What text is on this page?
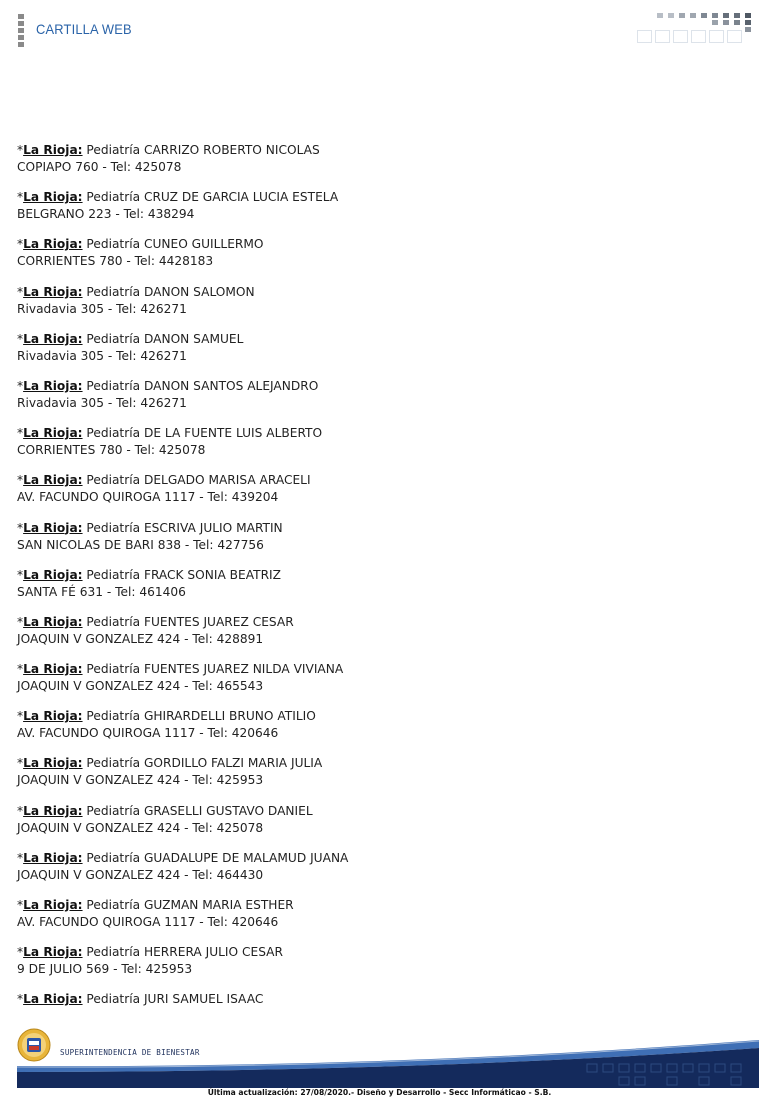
CARTILLA WEB
*La Rioja: Pediatría CARRIZO ROBERTO NICOLAS
COPIAPO 760 - Tel: 425078
*La Rioja: Pediatría CRUZ DE GARCIA LUCIA ESTELA
BELGRANO 223 - Tel: 438294
*La Rioja: Pediatría CUNEO GUILLERMO
CORRIENTES 780 - Tel: 4428183
*La Rioja: Pediatría DANON SALOMON
Rivadavia 305 - Tel: 426271
*La Rioja: Pediatría DANON SAMUEL
Rivadavia 305 - Tel: 426271
*La Rioja: Pediatría DANON SANTOS ALEJANDRO
Rivadavia 305 - Tel: 426271
*La Rioja: Pediatría DE LA FUENTE LUIS ALBERTO
CORRIENTES 780 - Tel: 425078
*La Rioja: Pediatría DELGADO MARISA ARACELI
AV. FACUNDO QUIROGA 1117 - Tel: 439204
*La Rioja: Pediatría ESCRIVA JULIO MARTIN
SAN NICOLAS DE BARI 838 - Tel: 427756
*La Rioja: Pediatría FRACK SONIA BEATRIZ
SANTA FÉ 631 - Tel: 461406
*La Rioja: Pediatría FUENTES JUAREZ CESAR
JOAQUIN V GONZALEZ 424 - Tel: 428891
*La Rioja: Pediatría FUENTES JUAREZ NILDA VIVIANA
JOAQUIN V GONZALEZ 424 - Tel: 465543
*La Rioja: Pediatría GHIRARDELLI BRUNO ATILIO
AV. FACUNDO QUIROGA 1117 - Tel: 420646
*La Rioja: Pediatría GORDILLO FALZI MARIA JULIA
JOAQUIN V GONZALEZ 424 - Tel: 425953
*La Rioja: Pediatría GRASELLI GUSTAVO DANIEL
JOAQUIN V GONZALEZ 424 - Tel: 425078
*La Rioja: Pediatría GUADALUPE DE MALAMUD JUANA
JOAQUIN V GONZALEZ 424 - Tel: 464430
*La Rioja: Pediatría GUZMAN MARIA ESTHER
AV. FACUNDO QUIROGA 1117 - Tel: 420646
*La Rioja: Pediatría HERRERA JULIO CESAR
9 DE JULIO 569 - Tel: 425953
*La Rioja: Pediatría JURI SAMUEL ISAAC
SUPERINTENDENCIA DE BIENESTAR
Última actualización: 27/08/2020.- Diseño y Desarrollo - Secc Informáticao - S.B.
